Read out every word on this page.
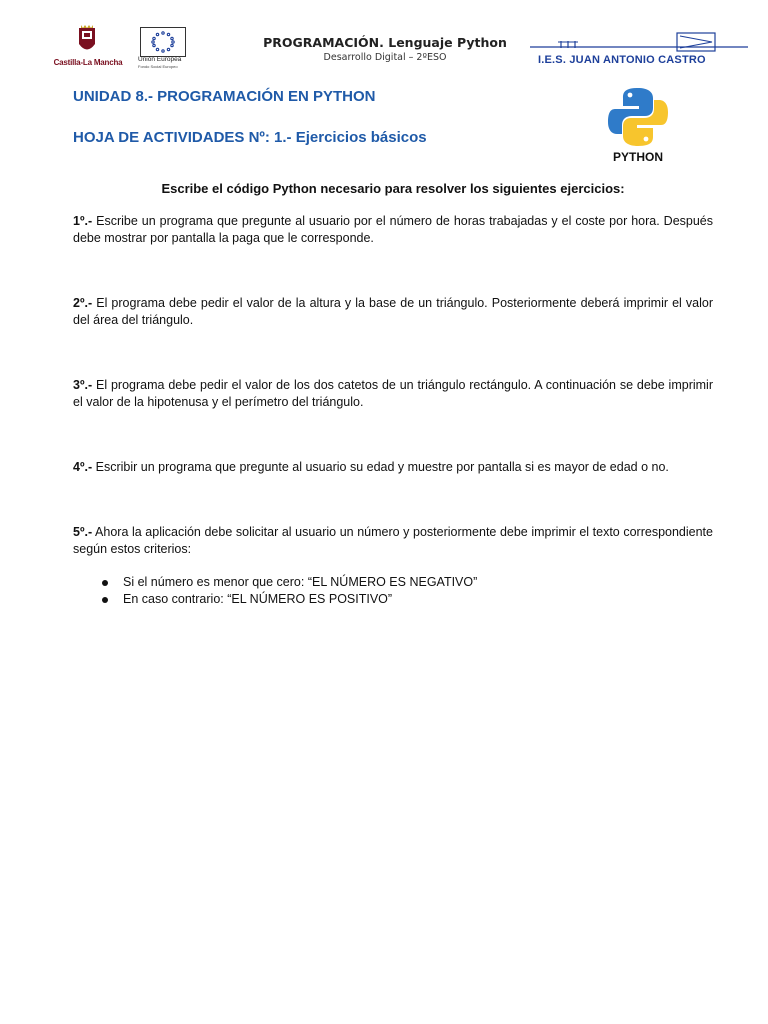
Castilla-La Mancha	Unión Europea
Fondo Social Europeo
PROGRAMACIÓN. Lenguaje Python
Desarrollo Digital – 2ºESO	I.E.S. JUAN ANTONIO CASTRO
UNIDAD 8.- PROGRAMACIÓN EN PYTHON
HOJA DE ACTIVIDADES Nº: 1.- Ejercicios básicos
PYTHON
Escribe el código Python necesario para resolver los siguientes ejercicios:
1º.- Escribe un programa que pregunte al usuario por el número de horas trabajadas y el coste por hora. Después debe mostrar por pantalla la paga que le corresponde.
2º.- El programa debe pedir el valor de la altura y la base de un triángulo. Posteriormente deberá imprimir el valor del área del triángulo.
3º.- El programa debe pedir el valor de los dos catetos de un triángulo rectángulo. A continuación se debe imprimir el valor de la hipotenusa y el perímetro del triángulo.
4º.- Escribir un programa que pregunte al usuario su edad y muestre por pantalla si es mayor de edad o no.
5º.- Ahora la aplicación debe solicitar al usuario un número y posteriormente debe imprimir el texto correspondiente según estos criterios:
Si el número es menor que cero: “EL NÚMERO ES NEGATIVO”
En caso contrario: “EL NÚMERO ES POSITIVO”
